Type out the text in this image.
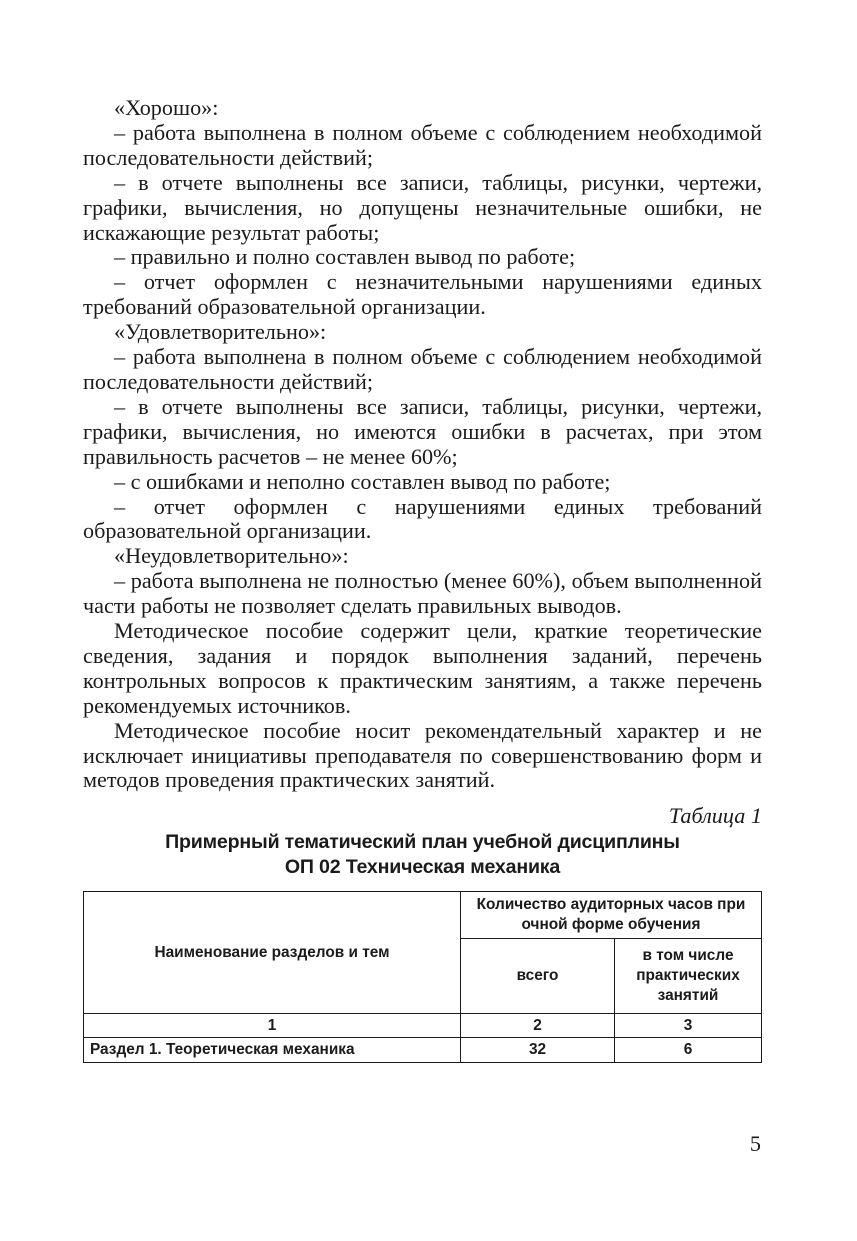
«Хорошо»:

– работа выполнена в полном объеме с соблюдением необходимой последовательности действий;

– в отчете выполнены все записи, таблицы, рисунки, чертежи, графики, вычисления, но допущены незначительные ошибки, не искажающие результат работы;

– правильно и полно составлен вывод по работе;

– отчет оформлен с незначительными нарушениями единых требований образовательной организации.

«Удовлетворительно»:

– работа выполнена в полном объеме с соблюдением необходимой последовательности действий;

– в отчете выполнены все записи, таблицы, рисунки, чертежи, графики, вычисления, но имеются ошибки в расчетах, при этом правильность расчетов – не менее 60%;

– с ошибками и неполно составлен вывод по работе;

– отчет оформлен с нарушениями единых требований образовательной организации.

«Неудовлетворительно»:

– работа выполнена не полностью (менее 60%), объем выполненной части работы не позволяет сделать правильных выводов.

Методическое пособие содержит цели, краткие теоретические сведения, задания и порядок выполнения заданий, перечень контрольных вопросов к практическим занятиям, а также перечень рекомендуемых источников.

Методическое пособие носит рекомендательный характер и не исключает инициативы преподавателя по совершенствованию форм и методов проведения практических занятий.

Таблица 1
Примерный тематический план учебной дисциплины
ОП 02 Техническая механика
Наименование разделов и тем	Количество аудиторных часов при очной форме обучения	
	всего	в том числе практических занятий
1	2	3
Раздел 1. Теоретическая механика	32	6
5
